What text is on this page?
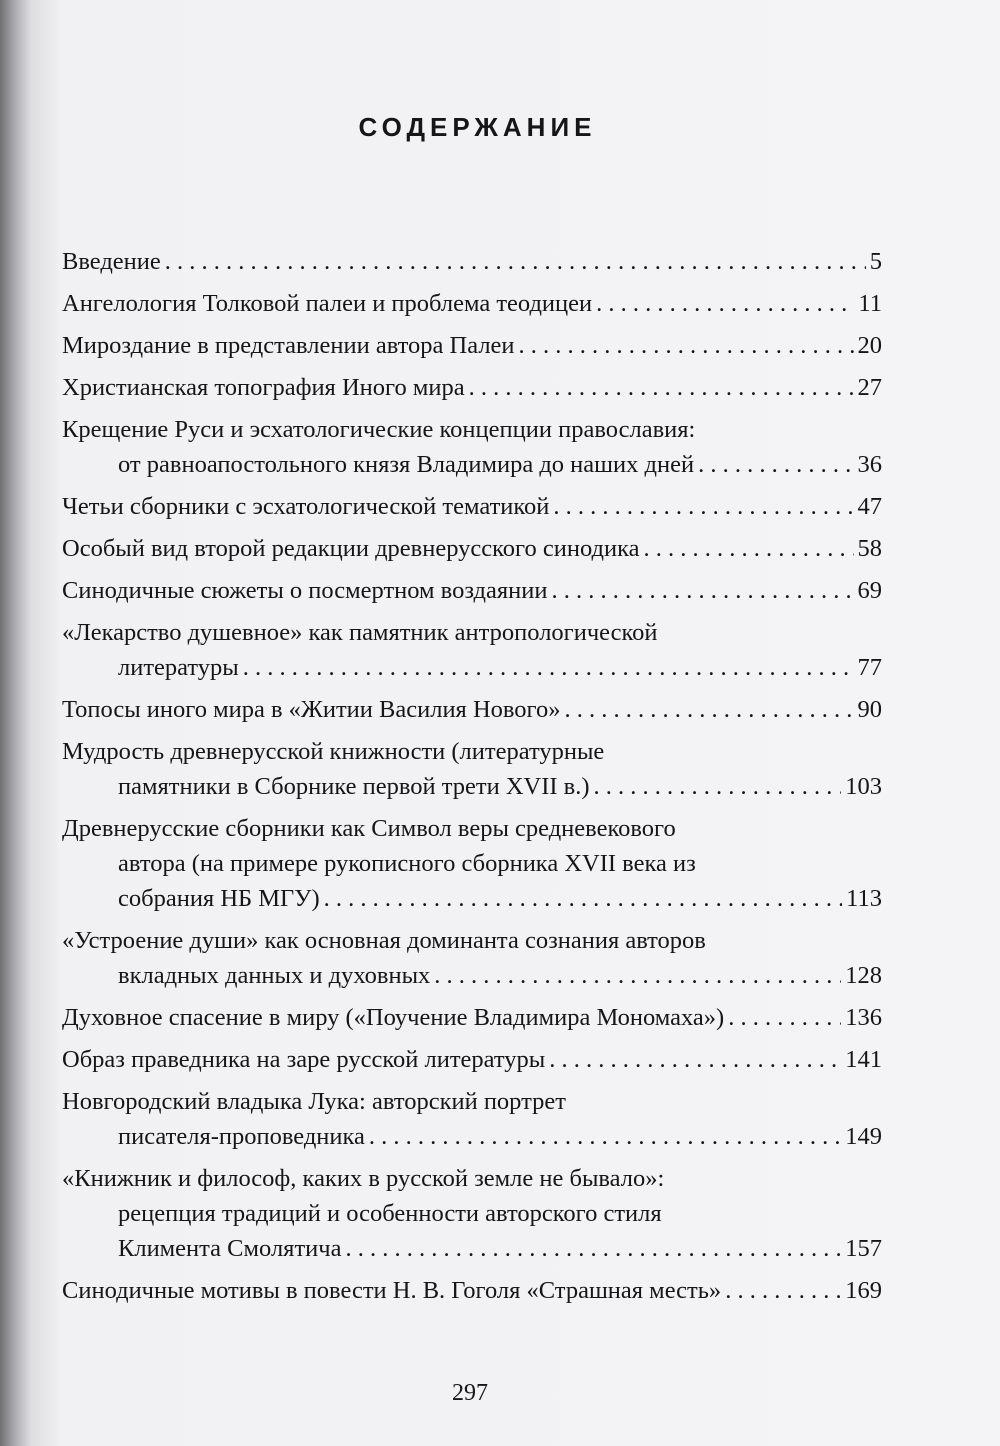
СОДЕРЖАНИЕ
Введение . . .	5
Ангелология Толковой палеи и проблема теодицеи . . .	11
Мироздание в представлении автора Палеи . . .	20
Христианская топография Иного мира . . .	27
Крещение Руси и эсхатологические концепции православия:
от равноапостольного князя Владимира до наших дней . . .	36
Четьи сборники с эсхатологической тематикой . . .	47
Особый вид второй редакции древнерусского синодика . . .	58
Синодичные сюжеты о посмертном воздаянии . . .	69
«Лекарство душевное» как памятник антропологической
литературы . . .	77
Топосы иного мира в «Житии Василия Нового» . . .	90
Мудрость древнерусской книжности (литературные
памятники в Сборнике первой трети XVII в.) . . .	103
Древнерусские сборники как Символ веры средневекового
автора (на примере рукописного сборника XVII века из
собрания НБ МГУ) . . .	113
«Устроение души» как основная доминанта сознания авторов
вкладных данных и духовных . . .	128
Духовное спасение в миру («Поучение Владимира Мономаха») . . .	136
Образ праведника на заре русской литературы . . .	141
Новгородский владыка Лука: авторский портрет
писателя-проповедника . . .	149
«Книжник и философ, каких в русской земле не бывало»:
рецепция традиций и особенности авторского стиля
Климента Смолятича . . .	157
Синодичные мотивы в повести Н. В. Гоголя «Страшная месть» . . .	169
297
